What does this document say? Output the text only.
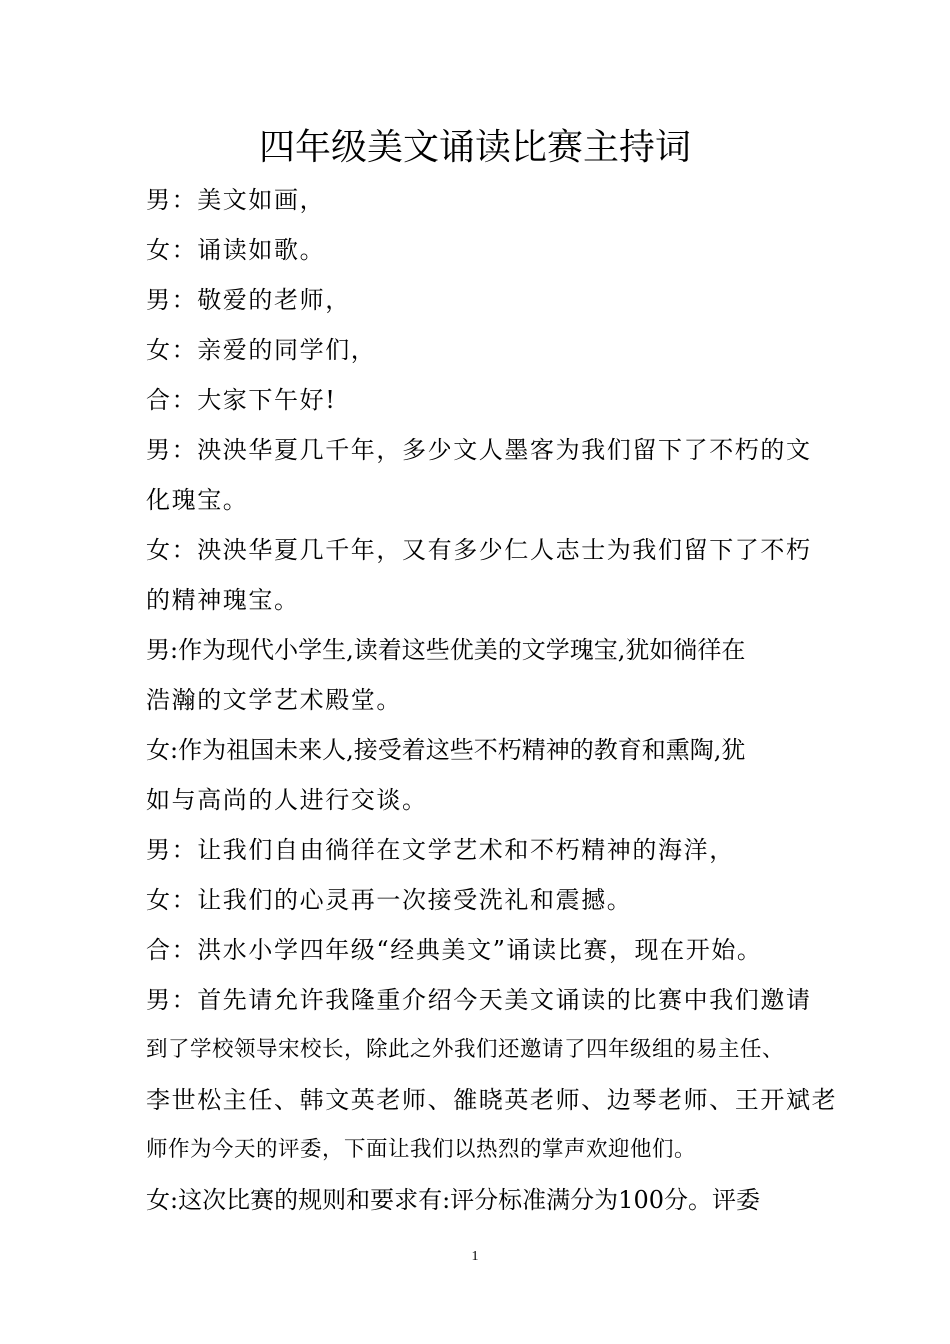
四年级美文诵读比赛主持词
男：美文如画，
女：诵读如歌。
男：敬爱的老师，
女：亲爱的同学们，
合：大家下午好!
男：泱泱华夏几千年，多少文人墨客为我们留下了不朽的文
化瑰宝。
女：泱泱华夏几千年，又有多少仁人志士为我们留下了不朽
的精神瑰宝。
男:作为现代小学生,读着这些优美的文学瑰宝,犹如徜徉在
浩瀚的文学艺术殿堂。
女:作为祖国未来人,接受着这些不朽精神的教育和熏陶,犹
如与高尚的人进行交谈。
男：让我们自由徜徉在文学艺术和不朽精神的海洋，
女：让我们的心灵再一次接受洗礼和震撼。
合：洪水小学四年级“经典美文”诵读比赛，现在开始。
男：首先请允许我隆重介绍今天美文诵读的比赛中我们邀请
到了学校领导宋校长，除此之外我们还邀请了四年级组的易主任、
李世松主任、韩文英老师、雒晓英老师、边琴老师、王开斌老
师作为今天的评委，下面让我们以热烈的掌声欢迎他们。
女:这次比赛的规则和要求有:评分标准满分为100分。评委
1
